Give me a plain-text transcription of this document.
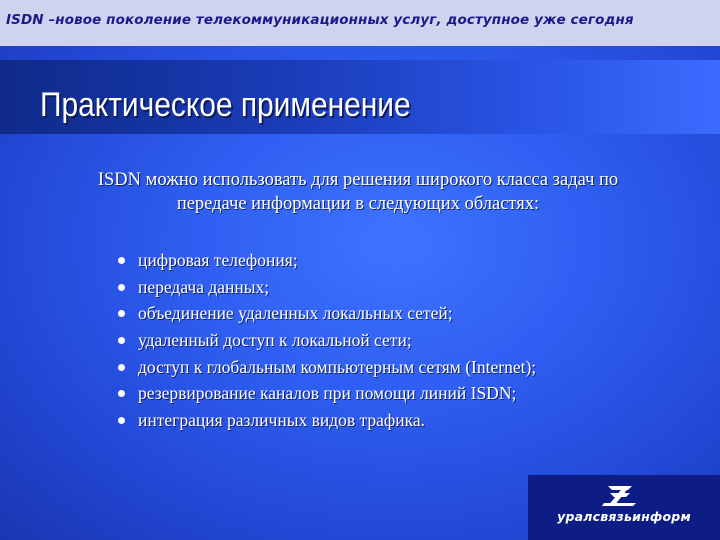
ISDN –новое поколение телекоммуникационных услуг, доступное уже сегодня
Практическое применение
ISDN можно использовать для решения широкого класса задач по
передаче информации в следующих областях:
цифровая телефония;
передача данных;
объединение удаленных локальных сетей;
удаленный доступ к локальной сети;
доступ к глобальным компьютерным сетям (Internet);
резервирование каналов при помощи линий ISDN;
интеграция различных видов трафика.
уралсвязьинформ
